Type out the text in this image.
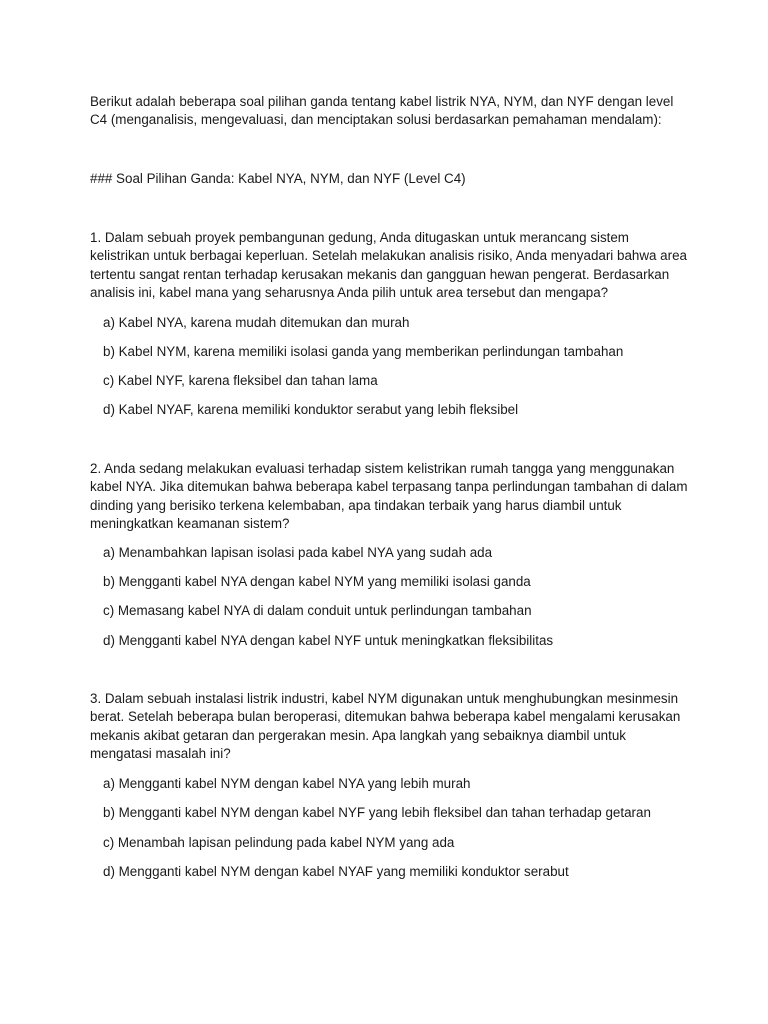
Berikut adalah beberapa soal pilihan ganda tentang kabel listrik NYA, NYM, dan NYF dengan level C4 (menganalisis, mengevaluasi, dan menciptakan solusi berdasarkan pemahaman mendalam):

### Soal Pilihan Ganda: Kabel NYA, NYM, dan NYF (Level C4)

1. Dalam sebuah proyek pembangunan gedung, Anda ditugaskan untuk merancang sistem kelistrikan untuk berbagai keperluan. Setelah melakukan analisis risiko, Anda menyadari bahwa area tertentu sangat rentan terhadap kerusakan mekanis dan gangguan hewan pengerat. Berdasarkan analisis ini, kabel mana yang seharusnya Anda pilih untuk area tersebut dan mengapa?

a) Kabel NYA, karena mudah ditemukan dan murah

b) Kabel NYM, karena memiliki isolasi ganda yang memberikan perlindungan tambahan

c) Kabel NYF, karena fleksibel dan tahan lama

d) Kabel NYAF, karena memiliki konduktor serabut yang lebih fleksibel

2. Anda sedang melakukan evaluasi terhadap sistem kelistrikan rumah tangga yang menggunakan kabel NYA. Jika ditemukan bahwa beberapa kabel terpasang tanpa perlindungan tambahan di dalam dinding yang berisiko terkena kelembaban, apa tindakan terbaik yang harus diambil untuk meningkatkan keamanan sistem?

a) Menambahkan lapisan isolasi pada kabel NYA yang sudah ada

b) Mengganti kabel NYA dengan kabel NYM yang memiliki isolasi ganda

c) Memasang kabel NYA di dalam conduit untuk perlindungan tambahan

d) Mengganti kabel NYA dengan kabel NYF untuk meningkatkan fleksibilitas

3. Dalam sebuah instalasi listrik industri, kabel NYM digunakan untuk menghubungkan mesinmesin berat. Setelah beberapa bulan beroperasi, ditemukan bahwa beberapa kabel mengalami kerusakan mekanis akibat getaran dan pergerakan mesin. Apa langkah yang sebaiknya diambil untuk mengatasi masalah ini?

a) Mengganti kabel NYM dengan kabel NYA yang lebih murah

b) Mengganti kabel NYM dengan kabel NYF yang lebih fleksibel dan tahan terhadap getaran

c) Menambah lapisan pelindung pada kabel NYM yang ada

d) Mengganti kabel NYM dengan kabel NYAF yang memiliki konduktor serabut
